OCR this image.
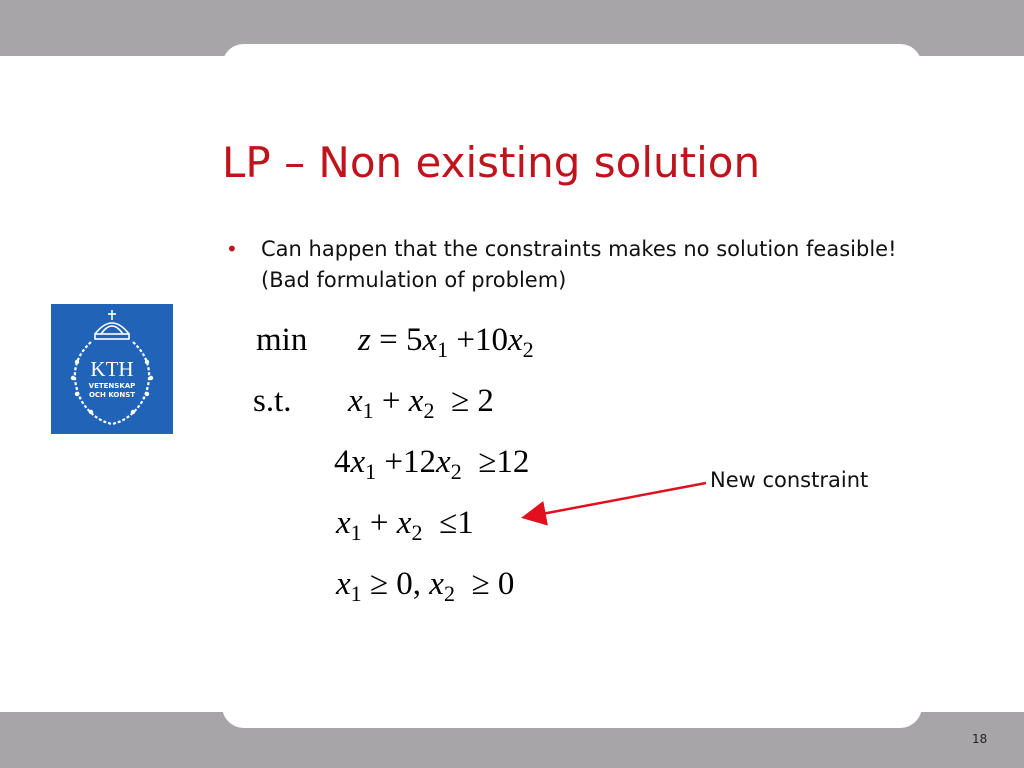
LP – Non existing solution
• Can happen that the constraints makes no solution feasible! (Bad formulation of problem)
KTH
VETENSKAP
OCH KONST
$\min z = 5x_1 +10x_2$
s.t. $x_1 + x_2 \ge 2$
$4x_1 +12x_2 \ge 12$
$x_1 + x_2 \le 1$
$x_1 \ge 0$, $x_2 \ge 0$
New constraint
18
